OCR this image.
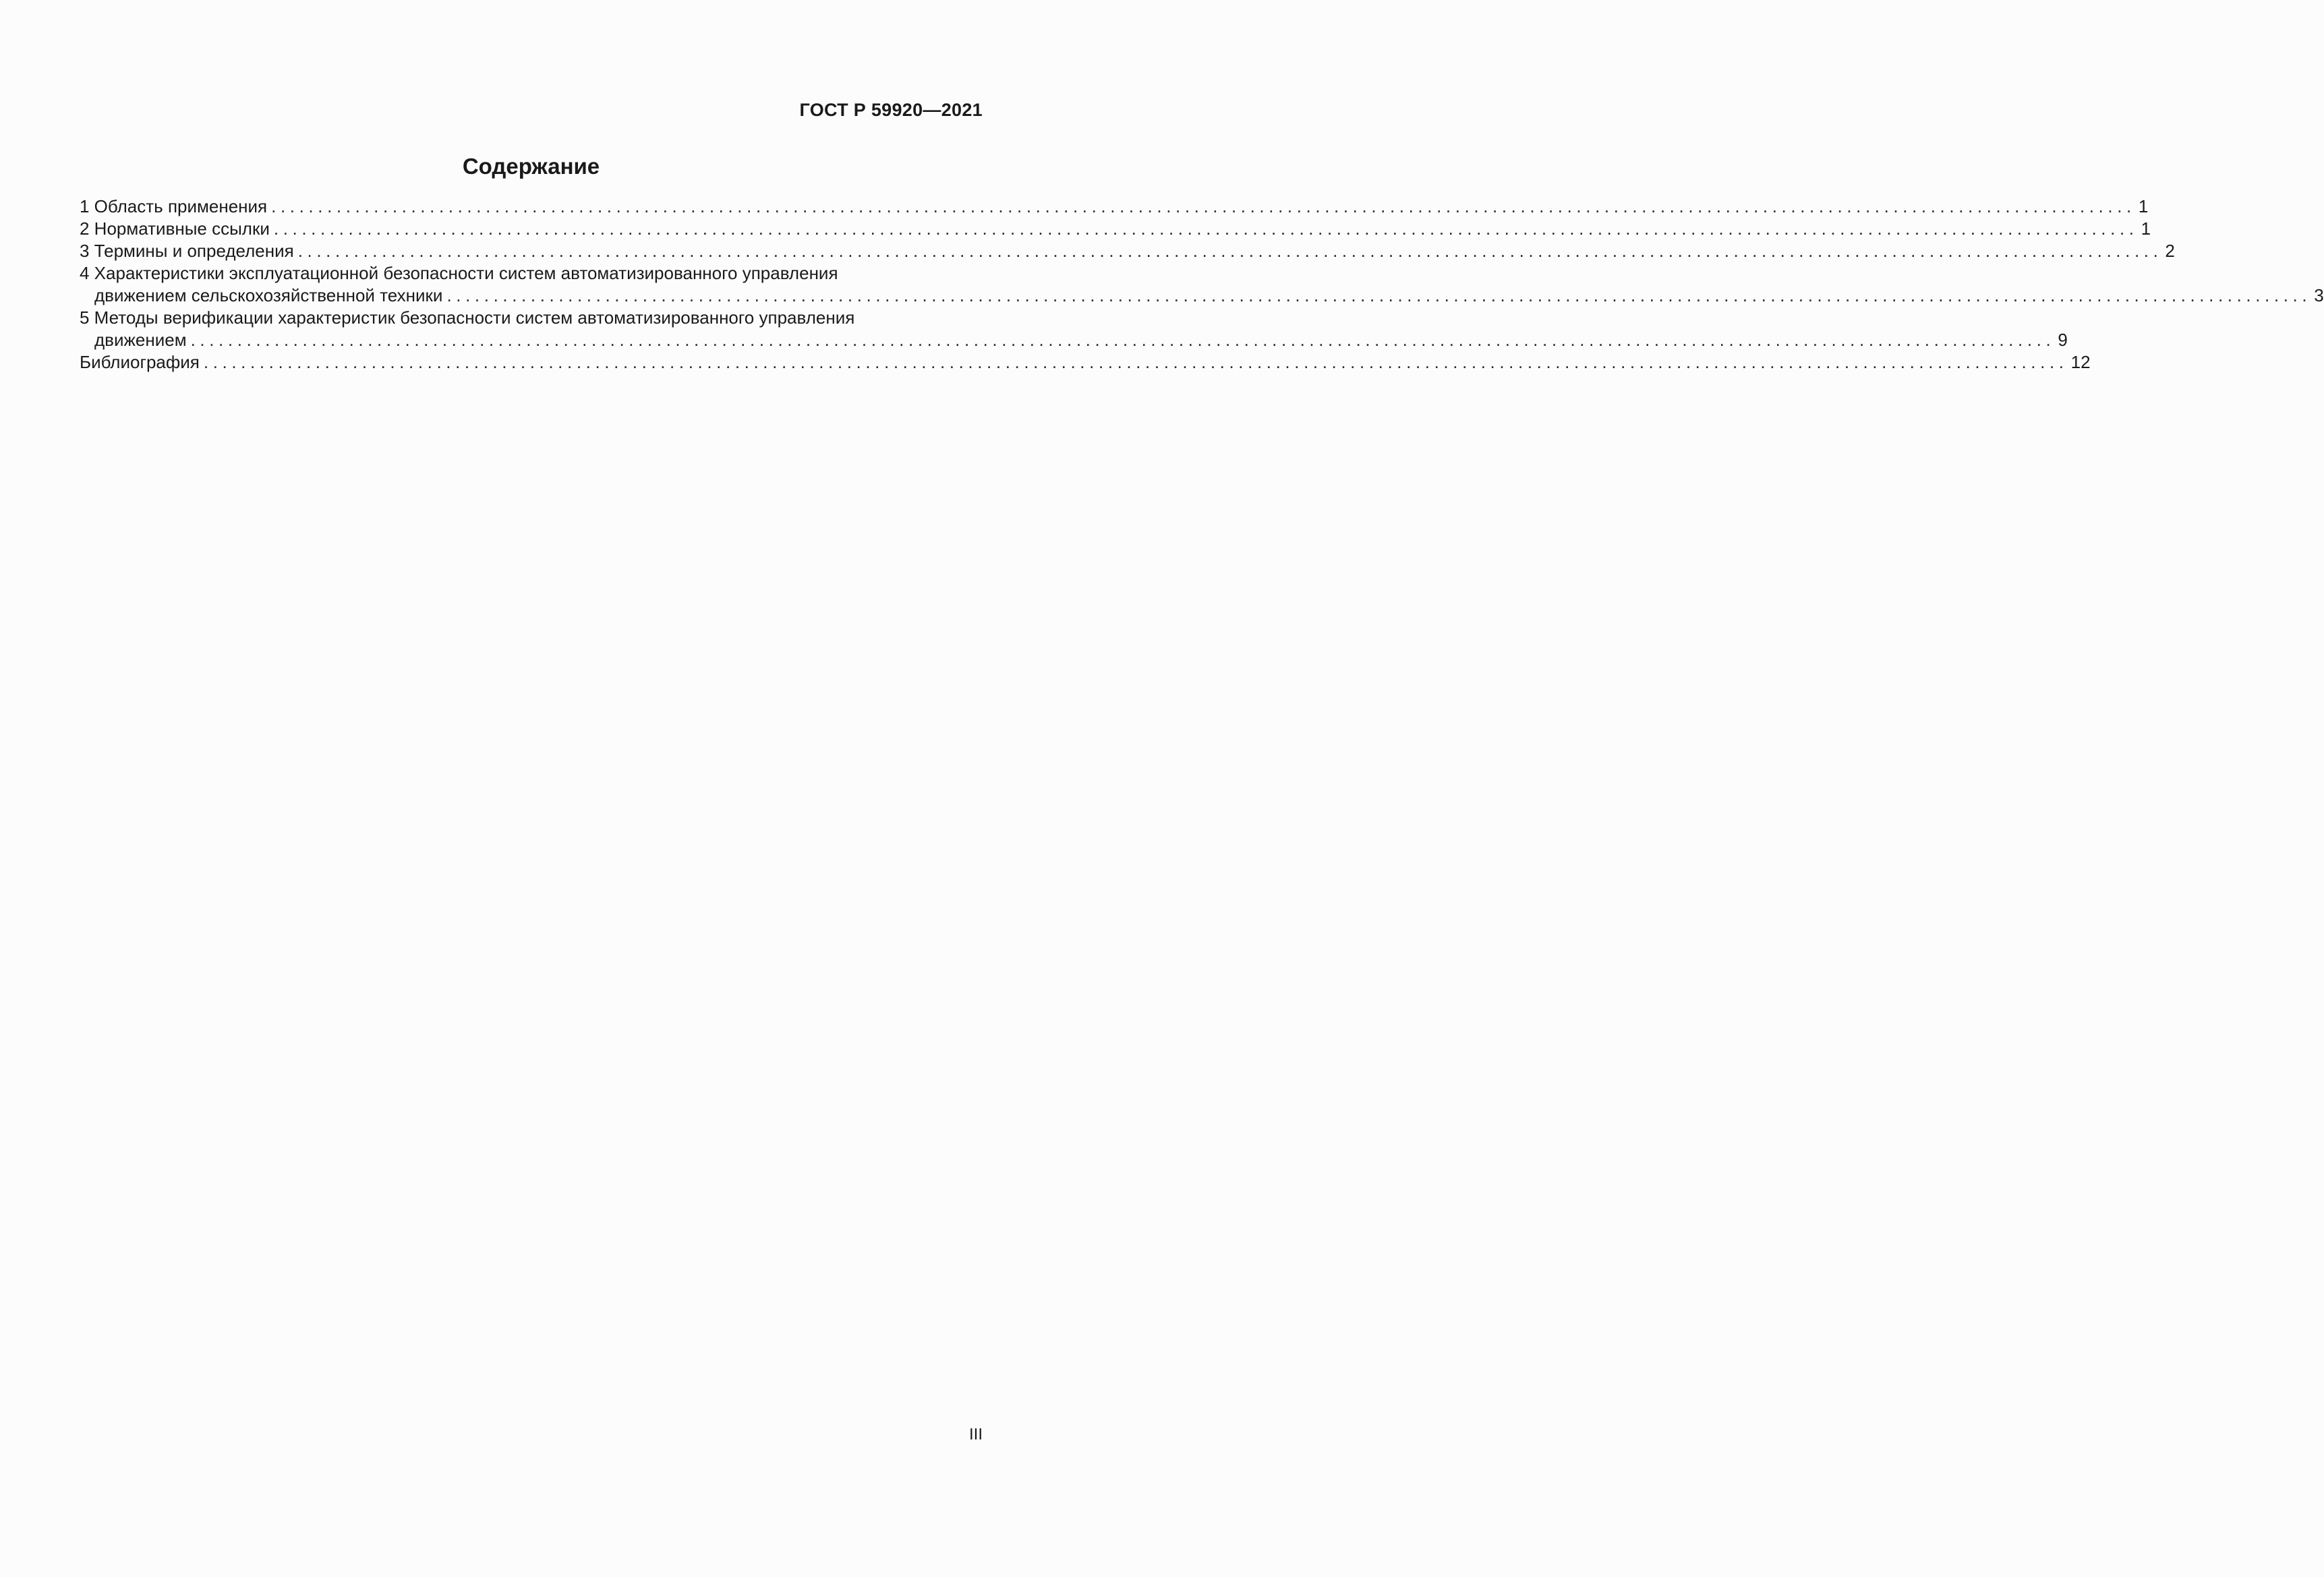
ГОСТ Р 59920—2021
Содержание
1 Область применения ........................................................................................................................................................................................................ 1
2 Нормативные ссылки ........................................................................................................................................................................................................ 1
3 Термины и определения ........................................................................................................................................................................................................ 2
4 Характеристики эксплуатационной безопасности систем автоматизированного управления
движением сельскохозяйственной техники ........................................................................................................................................................................................................ 3
5 Методы верификации характеристик безопасности систем автоматизированного управления
движением ........................................................................................................................................................................................................ 9
Библиография ........................................................................................................................................................................................................ 12
III
